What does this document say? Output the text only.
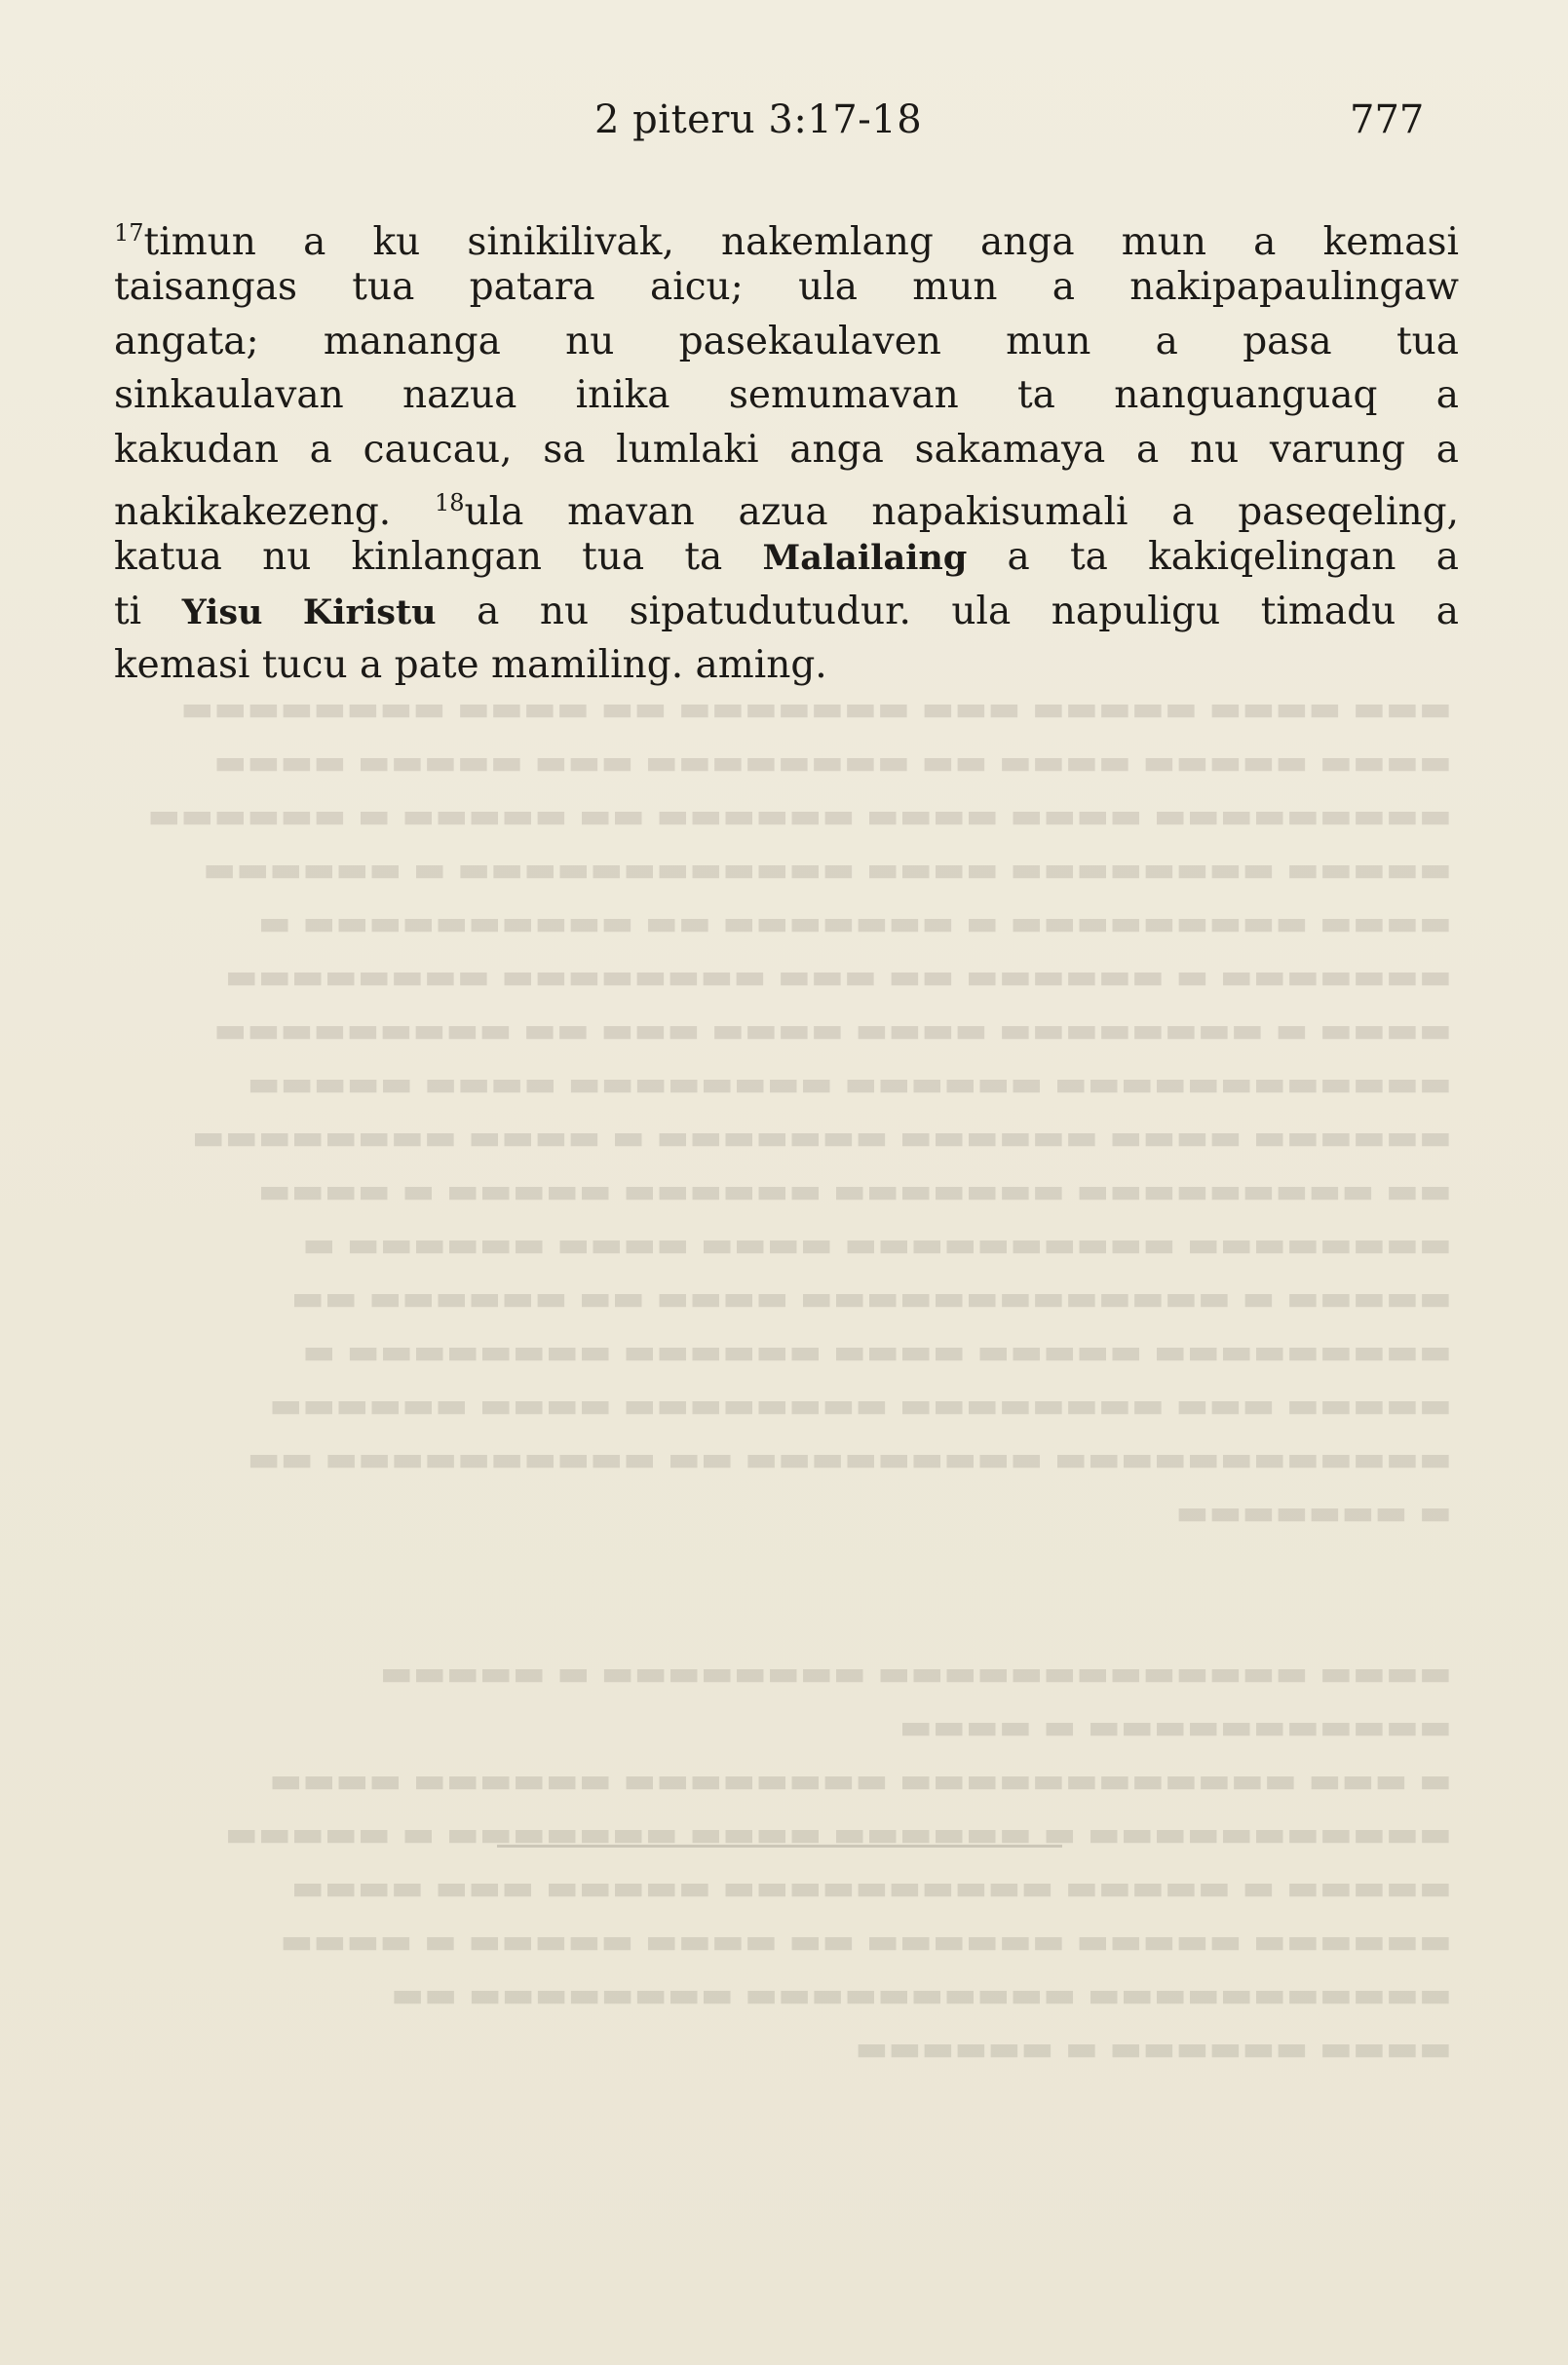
▬▬▬ ▬▬▬▬ ▬▬▬▬▬ ▬▬▬ ▬▬▬▬▬▬▬ ▬▬ ▬▬▬▬ ▬▬▬▬▬▬▬▬
▬▬▬▬ ▬▬▬▬▬ ▬▬▬▬ ▬▬ ▬▬▬▬▬▬▬▬ ▬▬▬ ▬▬▬▬▬ ▬▬▬▬
▬▬▬▬▬▬▬▬▬ ▬▬▬▬ ▬▬▬▬ ▬▬▬▬▬▬ ▬▬ ▬▬▬▬▬ ▬ ▬▬▬▬▬▬
▬▬▬▬▬ ▬▬▬▬▬▬▬▬ ▬▬▬▬ ▬▬▬▬▬▬▬▬▬▬▬▬ ▬ ▬▬▬▬▬▬
▬▬▬▬ ▬▬▬▬▬▬▬▬▬ ▬ ▬▬▬▬▬▬▬ ▬▬ ▬▬▬▬▬▬▬▬▬▬ ▬
▬▬▬▬▬▬▬ ▬ ▬▬▬▬▬▬ ▬▬ ▬▬▬ ▬▬▬▬▬▬▬▬ ▬▬▬▬▬▬▬▬
▬▬▬▬ ▬ ▬▬▬▬▬▬▬▬ ▬▬▬▬ ▬▬▬▬ ▬▬▬ ▬▬ ▬▬▬▬▬▬▬▬▬
▬▬▬▬▬▬▬▬▬▬▬▬ ▬▬▬▬▬▬ ▬▬▬▬▬▬▬▬ ▬▬▬▬ ▬▬▬▬▬
▬▬▬▬▬▬ ▬▬▬▬ ▬▬▬▬▬▬ ▬▬▬▬▬▬▬ ▬ ▬▬▬▬ ▬▬▬▬▬▬▬▬
▬▬ ▬▬▬▬▬▬▬▬▬ ▬▬▬▬▬▬▬ ▬▬▬▬▬▬ ▬▬▬▬▬ ▬ ▬▬▬▬
▬▬▬▬▬▬▬▬ ▬▬▬▬▬▬▬▬▬▬ ▬▬▬▬ ▬▬▬▬ ▬▬▬▬▬▬ ▬
▬▬▬▬▬ ▬ ▬▬▬▬▬▬▬▬▬▬▬▬▬ ▬▬▬▬ ▬▬ ▬▬▬▬▬▬ ▬▬
▬▬▬▬▬▬▬▬▬ ▬▬▬▬▬ ▬▬▬▬ ▬▬▬▬▬▬ ▬▬▬▬▬▬▬▬ ▬
▬▬▬▬▬ ▬▬▬ ▬▬▬▬▬▬▬▬ ▬▬▬▬▬▬▬▬ ▬▬▬▬ ▬▬▬▬▬▬
▬▬▬▬▬▬▬▬▬▬▬▬ ▬▬▬▬▬▬▬▬▬ ▬▬ ▬▬▬▬▬▬▬▬▬▬ ▬▬
▬ ▬▬▬▬▬▬▬
▬▬▬▬ ▬▬▬▬▬▬▬▬▬▬▬▬▬ ▬▬▬▬▬▬▬▬ ▬ ▬▬▬▬▬
▬▬▬▬▬▬▬▬▬▬▬ ▬ ▬▬▬▬
▬ ▬▬▬ ▬▬▬▬▬▬▬▬▬▬▬▬ ▬▬▬▬▬▬▬▬ ▬▬▬▬▬▬ ▬▬▬▬
▬▬▬▬▬▬▬▬▬▬▬ ▬ ▬▬▬▬▬▬ ▬▬▬▬ ▬▬▬▬▬▬▬ ▬ ▬▬▬▬▬
▬▬▬▬▬ ▬ ▬▬▬▬▬ ▬▬▬▬▬▬▬▬▬▬ ▬▬▬▬▬ ▬▬▬ ▬▬▬▬
▬▬▬▬▬▬ ▬▬▬▬▬ ▬▬▬▬▬▬ ▬▬ ▬▬▬▬ ▬▬▬▬▬ ▬ ▬▬▬▬
▬▬▬▬▬▬▬▬▬▬▬ ▬▬▬▬▬▬▬▬▬▬ ▬▬▬▬▬▬▬▬ ▬▬
▬▬▬▬ ▬▬▬▬▬▬ ▬ ▬▬▬▬▬▬
2 piteru 3:17-18	777
$^{17}$timun a ku sinikilivak, nakemlang anga mun a kemasi
taisangas tua patara aicu; ula mun a nakipapaulingaw
angata; mananga nu pasekaulaven mun a pasa tua
sinkaulavan nazua inika semumavan ta nanguanguaq a
kakudan a caucau, sa lumlaki anga sakamaya a nu varung a
nakikakezeng. $^{18}$ula mavan azua napakisumali a paseqeling,
katua nu kinlangan tua ta Malailaing a ta kakiqelingan a
ti Yisu Kiristu a nu sipatudutudur. ula napuligu timadu a
kemasi tucu a pate mamiling. aming.
